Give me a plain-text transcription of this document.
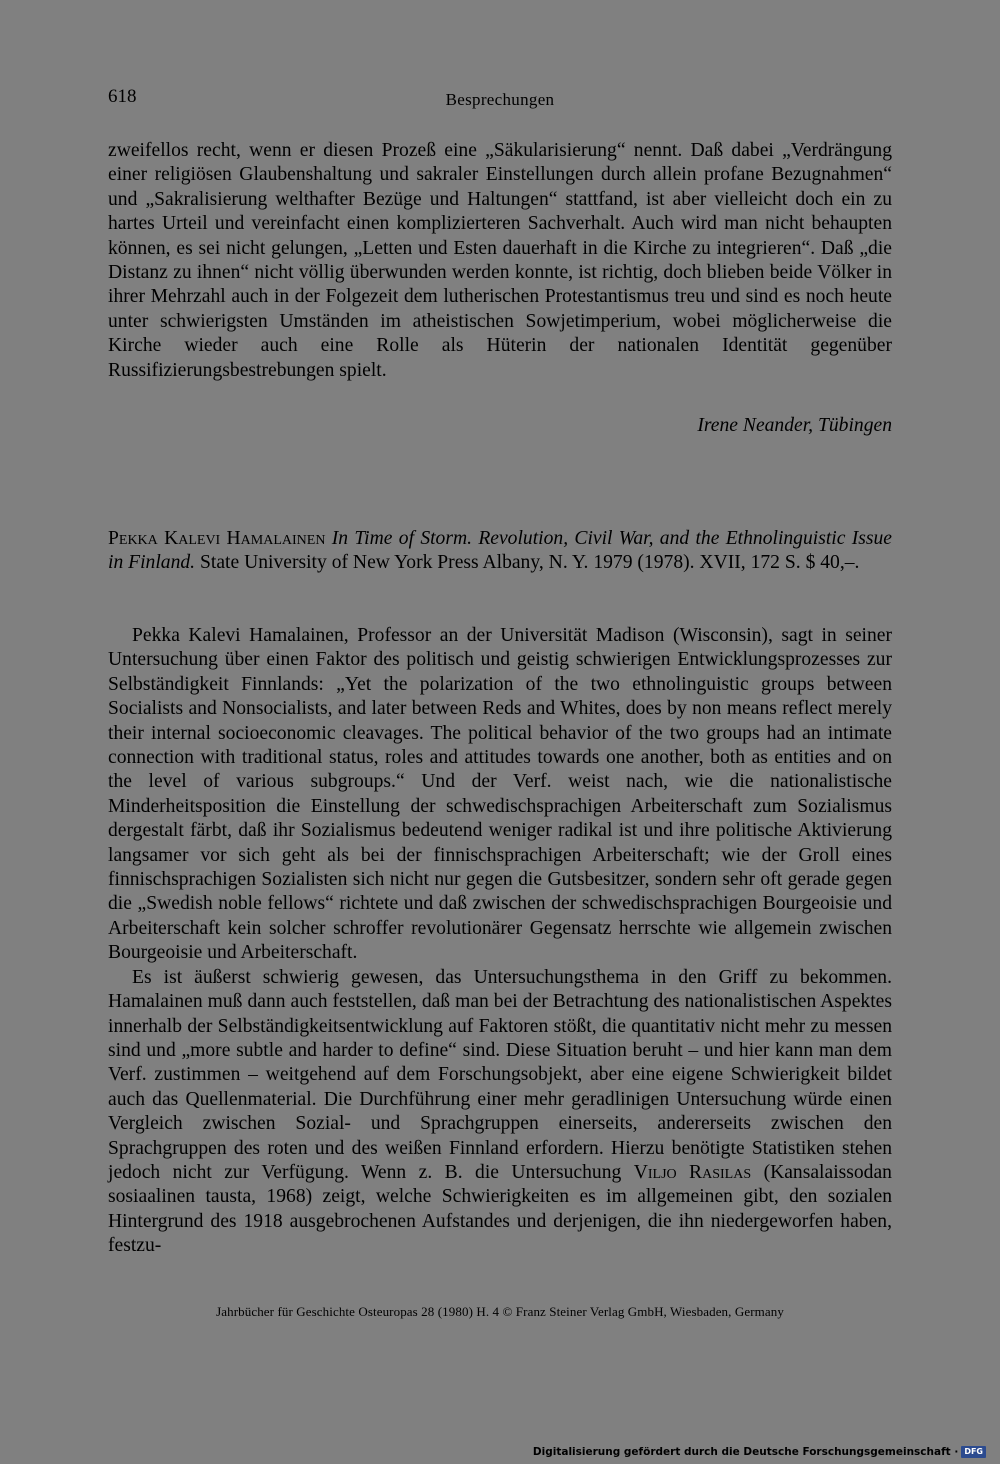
618	Besprechungen

zweifellos recht, wenn er diesen Prozeß eine „Säkularisierung“ nennt. Daß dabei „Verdrängung einer religiösen Glaubenshaltung und sakraler Einstellungen durch allein profane Bezugnahmen“ und „Sakralisierung welthafter Bezüge und Haltungen“ stattfand, ist aber vielleicht doch ein zu hartes Urteil und vereinfacht einen komplizierteren Sachverhalt. Auch wird man nicht behaupten können, es sei nicht gelungen, „Letten und Esten dauerhaft in die Kirche zu integrieren“. Daß „die Distanz zu ihnen“ nicht völlig überwunden werden konnte, ist richtig, doch blieben beide Völker in ihrer Mehrzahl auch in der Folgezeit dem lutherischen Protestantismus treu und sind es noch heute unter schwierigsten Umständen im atheistischen Sowjetimperium, wobei möglicherweise die Kirche wieder auch eine Rolle als Hüterin der nationalen Identität gegenüber Russifizierungsbestrebungen spielt.

Irene Neander, Tübingen

Pekka Kalevi Hamalainen In Time of Storm. Revolution, Civil War, and the Ethnolinguistic Issue in Finland. State University of New York Press Albany, N. Y. 1979 (1978). XVII, 172 S. $ 40,–.

Pekka Kalevi Hamalainen, Professor an der Universität Madison (Wisconsin), sagt in seiner Untersuchung über einen Faktor des politisch und geistig schwierigen Entwicklungsprozesses zur Selbständigkeit Finnlands: „Yet the polarization of the two ethnolinguistic groups between Socialists and Nonsocialists, and later between Reds and Whites, does by non means reflect merely their internal socioeconomic cleavages. The political behavior of the two groups had an intimate connection with traditional status, roles and attitudes towards one another, both as entities and on the level of various subgroups.“ Und der Verf. weist nach, wie die nationalistische Minderheitsposition die Einstellung der schwedischsprachigen Arbeiterschaft zum Sozialismus dergestalt färbt, daß ihr Sozialismus bedeutend weniger radikal ist und ihre politische Aktivierung langsamer vor sich geht als bei der finnischsprachigen Arbeiterschaft; wie der Groll eines finnischsprachigen Sozialisten sich nicht nur gegen die Gutsbesitzer, sondern sehr oft gerade gegen die „Swedish noble fellows“ richtete und daß zwischen der schwedischsprachigen Bourgeoisie und Arbeiterschaft kein solcher schroffer revolutionärer Gegensatz herrschte wie allgemein zwischen Bourgeoisie und Arbeiterschaft.

Es ist äußerst schwierig gewesen, das Untersuchungsthema in den Griff zu bekommen. Hamalainen muß dann auch feststellen, daß man bei der Betrachtung des nationalistischen Aspektes innerhalb der Selbständigkeitsentwicklung auf Faktoren stößt, die quantitativ nicht mehr zu messen sind und „more subtle and harder to define“ sind. Diese Situation beruht – und hier kann man dem Verf. zustimmen – weitgehend auf dem Forschungsobjekt, aber eine eigene Schwierigkeit bildet auch das Quellenmaterial. Die Durchführung einer mehr geradlinigen Untersuchung würde einen Vergleich zwischen Sozial- und Sprachgruppen einerseits, andererseits zwischen den Sprachgruppen des roten und des weißen Finnland erfordern. Hierzu benötigte Statistiken stehen jedoch nicht zur Verfügung. Wenn z. B. die Untersuchung Viljo Rasilas (Kansalaissodan sosiaalinen tausta, 1968) zeigt, welche Schwierigkeiten es im allgemeinen gibt, den sozialen Hintergrund des 1918 ausgebrochenen Aufstandes und derjenigen, die ihn niedergeworfen haben, festzu-

Jahrbücher für Geschichte Osteuropas 28 (1980) H. 4 © Franz Steiner Verlag GmbH, Wiesbaden, Germany
Digitalisierung gefördert durch die Deutsche Forschungsgemeinschaft · DFG
